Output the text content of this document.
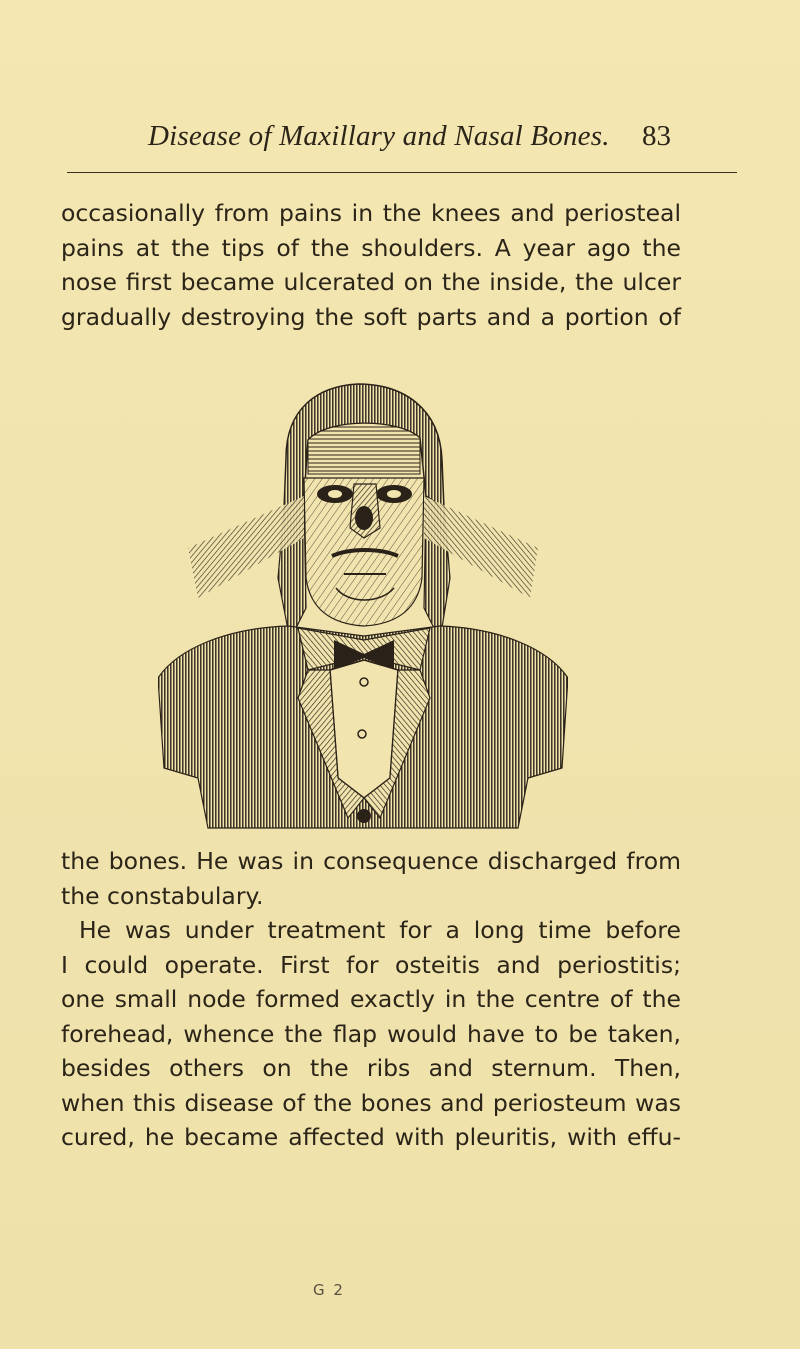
Disease of Maxillary and Nasal Bones. 83
occasionally from pains in the knees and periosteal
pains at the tips of the shoulders. A year ago the
nose first became ulcerated on the inside, the ulcer
gradually destroying the soft parts and a portion of
the bones. He was in consequence discharged from
the constabulary.
He was under treatment for a long time before
I could operate. First for osteitis and periostitis;
one small node formed exactly in the centre of the
forehead, whence the flap would have to be taken,
besides others on the ribs and sternum. Then,
when this disease of the bones and periosteum was
cured, he became affected with pleuritis, with effu-
G 2
